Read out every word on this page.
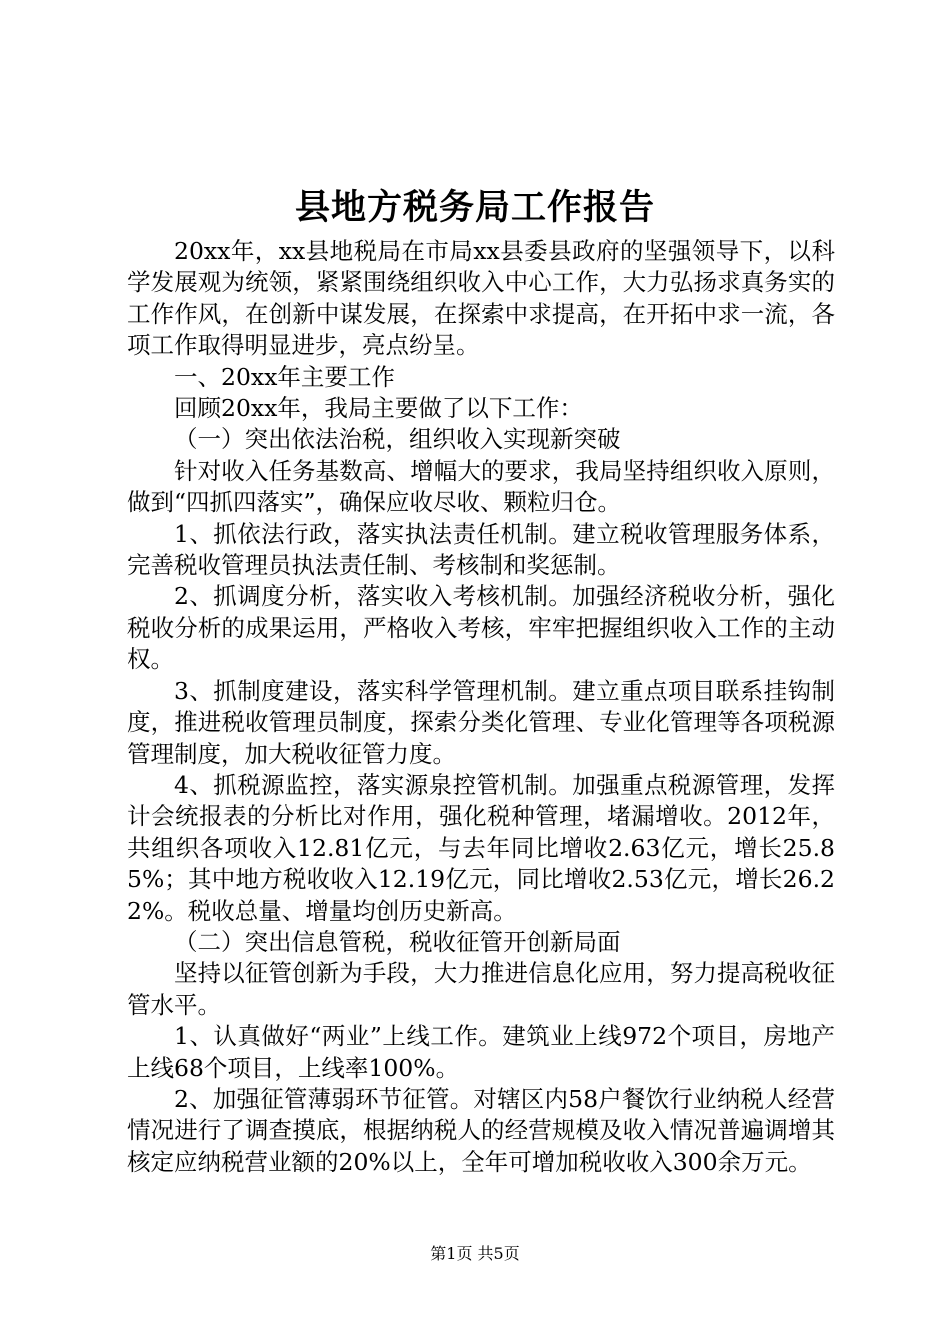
县地方税务局工作报告

20xx年，xx县地税局在市局xx县委县政府的坚强领导下，以科学发展观为统领，紧紧围绕组织收入中心工作，大力弘扬求真务实的工作作风，在创新中谋发展，在探索中求提高，在开拓中求一流，各项工作取得明显进步，亮点纷呈。

一、20xx年主要工作

回顾20xx年，我局主要做了以下工作：

（一）突出依法治税，组织收入实现新突破

针对收入任务基数高、增幅大的要求，我局坚持组织收入原则，做到“四抓四落实”，确保应收尽收、颗粒归仓。

1、抓依法行政，落实执法责任机制。建立税收管理服务体系，完善税收管理员执法责任制、考核制和奖惩制。

2、抓调度分析，落实收入考核机制。加强经济税收分析，强化税收分析的成果运用，严格收入考核，牢牢把握组织收入工作的主动权。

3、抓制度建设，落实科学管理机制。建立重点项目联系挂钩制度，推进税收管理员制度，探索分类化管理、专业化管理等各项税源管理制度，加大税收征管力度。

4、抓税源监控，落实源泉控管机制。加强重点税源管理，发挥计会统报表的分析比对作用，强化税种管理，堵漏增收。2012年，共组织各项收入12.81亿元，与去年同比增收2.63亿元，增长25.85%；其中地方税收收入12.19亿元，同比增收2.53亿元，增长26.22%。税收总量、增量均创历史新高。

（二）突出信息管税，税收征管开创新局面

坚持以征管创新为手段，大力推进信息化应用，努力提高税收征管水平。

1、认真做好“两业”上线工作。建筑业上线972个项目，房地产上线68个项目，上线率100%。

2、加强征管薄弱环节征管。对辖区内58户餐饮行业纳税人经营情况进行了调查摸底，根据纳税人的经营规模及收入情况普遍调增其核定应纳税营业额的20%以上，全年可增加税收收入300余万元。

第1页 共5页
